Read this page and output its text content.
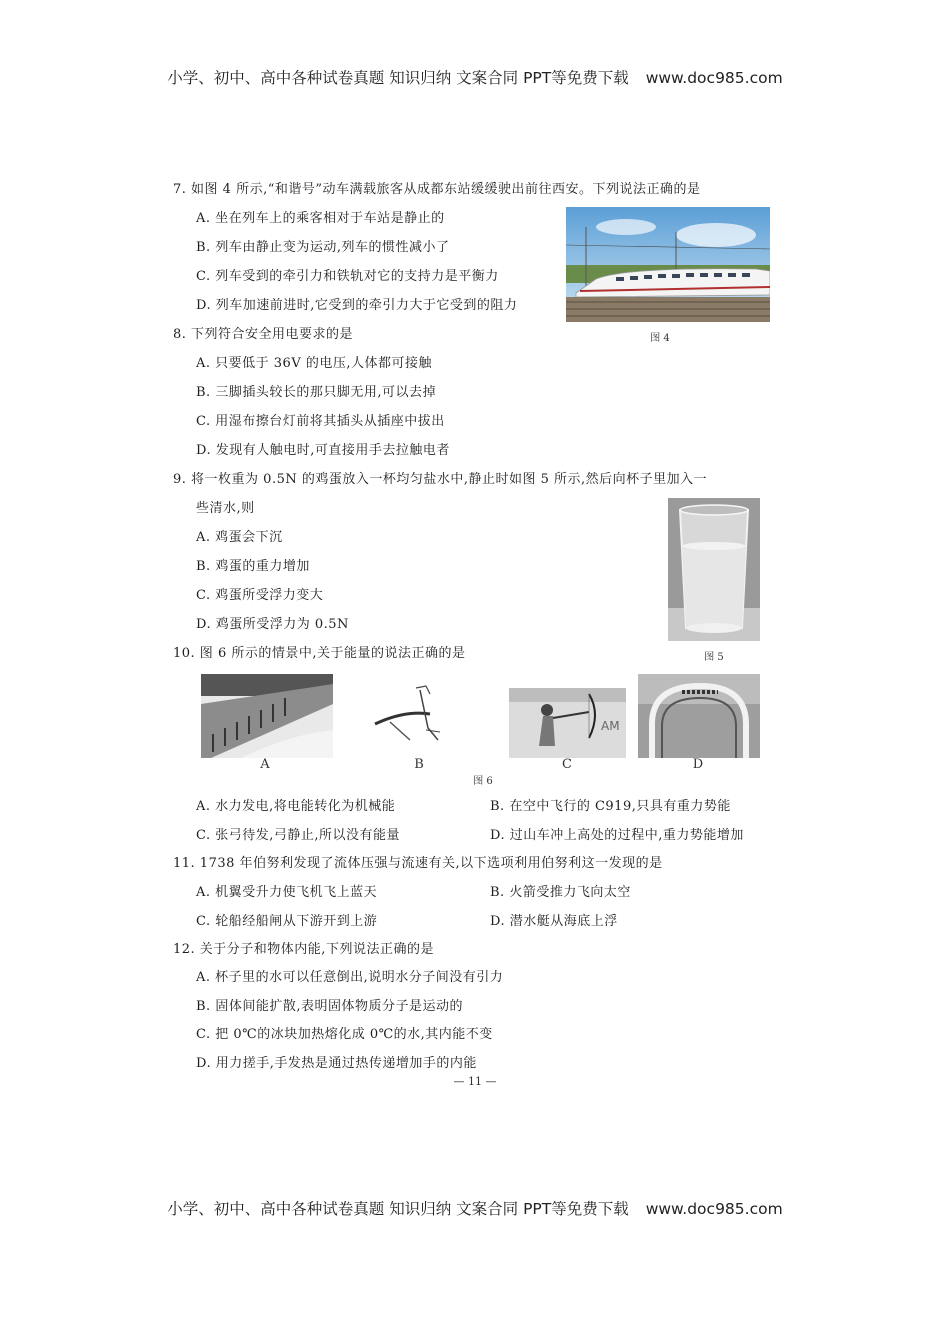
小学、初中、高中各种试卷真题 知识归纳 文案合同 PPT等免费下载 www.doc985.com
7. 如图 4 所示,“和谐号”动车满载旅客从成都东站缓缓驶出前往西安。下列说法正确的是
A. 坐在列车上的乘客相对于车站是静止的
B. 列车由静止变为运动,列车的惯性减小了
C. 列车受到的牵引力和铁轨对它的支持力是平衡力
D. 列车加速前进时,它受到的牵引力大于它受到的阻力
图 4
8. 下列符合安全用电要求的是
A. 只要低于 36V 的电压,人体都可接触
B. 三脚插头较长的那只脚无用,可以去掉
C. 用湿布擦台灯前将其插头从插座中拔出
D. 发现有人触电时,可直接用手去拉触电者
9. 将一枚重为 0.5N 的鸡蛋放入一杯均匀盐水中,静止时如图 5 所示,然后向杯子里加入一
些清水,则
A. 鸡蛋会下沉
B. 鸡蛋的重力增加
C. 鸡蛋所受浮力变大
D. 鸡蛋所受浮力为 0.5N
图 5
10. 图 6 所示的情景中,关于能量的说法正确的是
AM
A	B	C	D
图 6
A. 水力发电,将电能转化为机械能	B. 在空中飞行的 C919,只具有重力势能
C. 张弓待发,弓静止,所以没有能量	D. 过山车冲上高处的过程中,重力势能增加
11. 1738 年伯努利发现了流体压强与流速有关,以下选项利用伯努利这一发现的是
A. 机翼受升力使飞机飞上蓝天	B. 火箭受推力飞向太空
C. 轮船经船闸从下游开到上游	D. 潜水艇从海底上浮
12. 关于分子和物体内能,下列说法正确的是
A. 杯子里的水可以任意倒出,说明水分子间没有引力
B. 固体间能扩散,表明固体物质分子是运动的
C. 把 0℃的冰块加热熔化成 0℃的水,其内能不变
D. 用力搓手,手发热是通过热传递增加手的内能
— 11 —
小学、初中、高中各种试卷真题 知识归纳 文案合同 PPT等免费下载 www.doc985.com
